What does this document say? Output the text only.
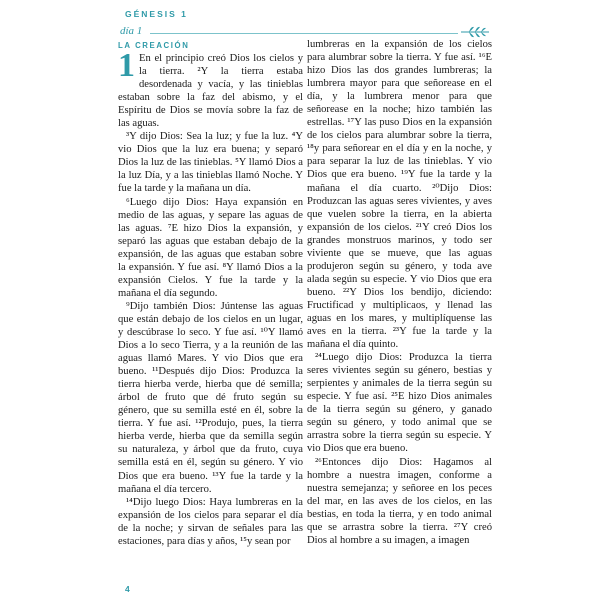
GÉNESIS 1
día 1
LA CREACIÓN

1 En el principio creó Dios los cielos y la tierra. ²Y la tierra estaba desordenada y vacía, y las tinieblas estaban sobre la faz del abismo, y el Espíritu de Dios se movía sobre la faz de las aguas.

³Y dijo Dios: Sea la luz; y fue la luz. ⁴Y vio Dios que la luz era buena; y separó Dios la luz de las tinieblas. ⁵Y llamó Dios a la luz Día, y a las tinieblas llamó Noche. Y fue la tarde y la mañana un día.

⁶Luego dijo Dios: Haya expansión en medio de las aguas, y separe las aguas de las aguas. ⁷E hizo Dios la expansión, y separó las aguas que estaban debajo de la expansión, de las aguas que estaban sobre la expansión. Y fue así. ⁸Y llamó Dios a la expansión Cielos. Y fue la tarde y la mañana el día segundo.

⁹Dijo también Dios: Júntense las aguas que están debajo de los cielos en un lugar, y descúbrase lo seco. Y fue así. ¹⁰Y llamó Dios a lo seco Tierra, y a la reunión de las aguas llamó Mares. Y vio Dios que era bueno. ¹¹Después dijo Dios: Produzca la tierra hierba verde, hierba que dé semilla; árbol de fruto que dé fruto según su género, que su semilla esté en él, sobre la tierra. Y fue así. ¹²Produjo, pues, la tierra hierba verde, hierba que da semilla según su naturaleza, y árbol que da fruto, cuya semilla está en él, según su género. Y vio Dios que era bueno. ¹³Y fue la tarde y la mañana el día tercero.

¹⁴Dijo luego Dios: Haya lumbreras en la expansión de los cielos para separar el día de la noche; y sirvan de señales para las estaciones, para días y años, ¹⁵y sean por

lumbreras en la expansión de los cielos para alumbrar sobre la tierra. Y fue así. ¹⁶E hizo Dios las dos grandes lumbreras; la lumbrera mayor para que señorease en el día, y la lumbrera menor para que señorease en la noche; hizo también las estrellas. ¹⁷Y las puso Dios en la expansión de los cielos para alumbrar sobre la tierra, ¹⁸y para señorear en el día y en la noche, y para separar la luz de las tinieblas. Y vio Dios que era bueno. ¹⁹Y fue la tarde y la mañana el día cuarto. ²⁰Dijo Dios: Produzcan las aguas seres vivientes, y aves que vuelen sobre la tierra, en la abierta expansión de los cielos. ²¹Y creó Dios los grandes monstruos marinos, y todo ser viviente que se mueve, que las aguas produjeron según su género, y toda ave alada según su especie. Y vio Dios que era bueno. ²²Y Dios los bendijo, diciendo: Fructificad y multiplicaos, y llenad las aguas en los mares, y multiplíquense las aves en la tierra. ²³Y fue la tarde y la mañana el día quinto.

²⁴Luego dijo Dios: Produzca la tierra seres vivientes según su género, bestias y serpientes y animales de la tierra según su especie. Y fue así. ²⁵E hizo Dios animales de la tierra según su género, y ganado según su género, y todo animal que se arrastra sobre la tierra según su especie. Y vio Dios que era bueno.

²⁶Entonces dijo Dios: Hagamos al hombre a nuestra imagen, conforme a nuestra semejanza; y señoree en los peces del mar, en las aves de los cielos, en las bestias, en toda la tierra, y en todo animal que se arrastra sobre la tierra. ²⁷Y creó Dios al hombre a su imagen, a imagen

4
